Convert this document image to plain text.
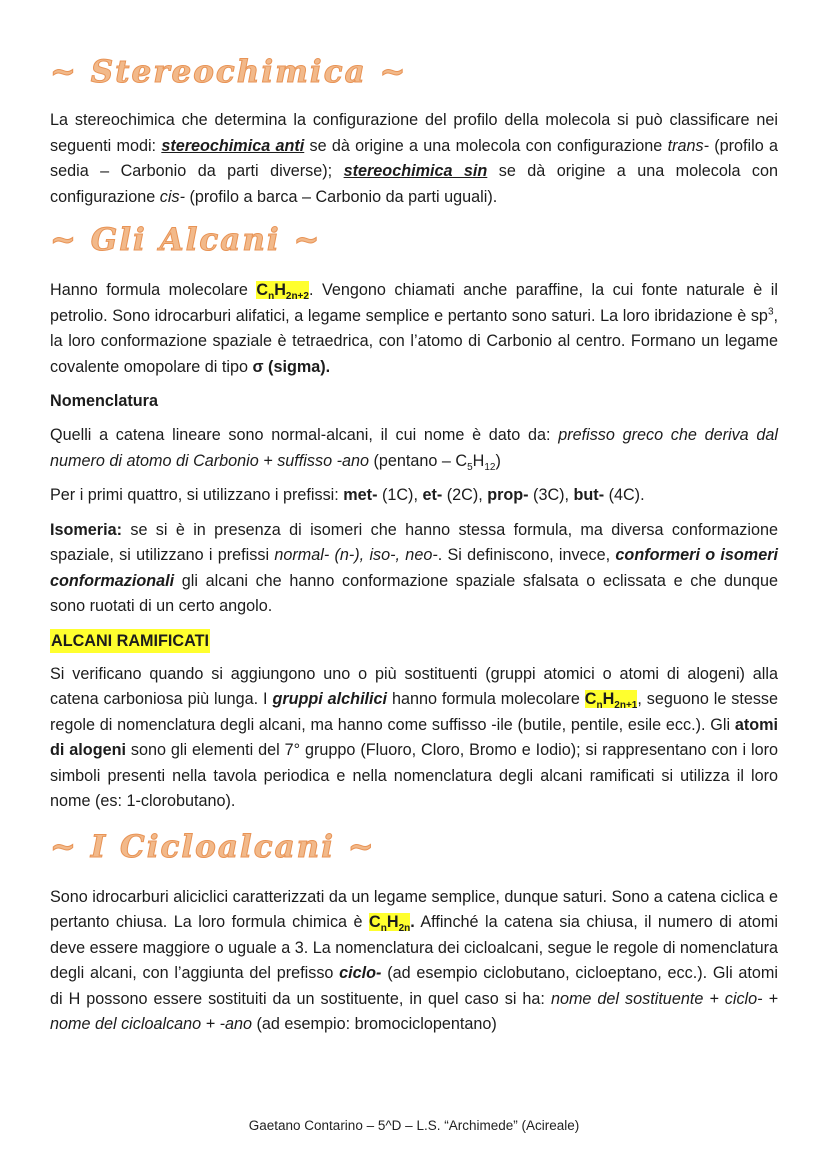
~ Stereochimica ~

La stereochimica che determina la configurazione del profilo della molecola si può classificare nei seguenti modi: stereochimica anti se dà origine a una molecola con configurazione trans- (profilo a sedia – Carbonio da parti diverse); stereochimica sin se dà origine a una molecola con configurazione cis- (profilo a barca – Carbonio da parti uguali).

~ Gli Alcani ~

Hanno formula molecolare $C_nH_{2n+2}$. Vengono chiamati anche paraffine, la cui fonte naturale è il petrolio. Sono idrocarburi alifatici, a legame semplice e pertanto sono saturi. La loro ibridazione è $sp^3$, la loro conformazione spaziale è tetraedrica, con l’atomo di Carbonio al centro. Formano un legame covalente omopolare di tipo σ (sigma).

Nomenclatura

Quelli a catena lineare sono normal-alcani, il cui nome è dato da: prefisso greco che deriva dal numero di atomo di Carbonio + suffisso -ano $(pentano - C_5H_{12})$

Per i primi quattro, si utilizzano i prefissi: met- (1C), et- (2C), prop- (3C), but- (4C).

Isomeria: se si è in presenza di isomeri che hanno stessa formula, ma diversa conformazione spaziale, si utilizzano i prefissi normal- (n-), iso-, neo-. Si definiscono, invece, conformeri o isomeri conformazionali gli alcani che hanno conformazione spaziale sfalsata o eclissata e che dunque sono ruotati di un certo angolo.

ALCANI RAMIFICATI

Si verificano quando si aggiungono uno o più sostituenti (gruppi atomici o atomi di alogeni) alla catena carboniosa più lunga. I gruppi alchilici hanno formula molecolare $C_nH_{2n+1}$, seguono le stesse regole di nomenclatura degli alcani, ma hanno come suffisso -ile (butile, pentile, esile ecc.). Gli atomi di alogeni sono gli elementi del 7° gruppo (Fluoro, Cloro, Bromo e Iodio); si rappresentano con i loro simboli presenti nella tavola periodica e nella nomenclatura degli alcani ramificati si utilizza il loro nome (es: 1-clorobutano).

~ I Cicloalcani ~

Sono idrocarburi aliciclici caratterizzati da un legame semplice, dunque saturi. Sono a catena ciclica e pertanto chiusa. La loro formula chimica è $C_nH_{2n}$. Affinché la catena sia chiusa, il numero di atomi deve essere maggiore o uguale a 3. La nomenclatura dei cicloalcani, segue le regole di nomenclatura degli alcani, con l’aggiunta del prefisso ciclo- (ad esempio ciclobutano, cicloeptano, ecc.). Gli atomi di H possono essere sostituiti da un sostituente, in quel caso si ha: nome del sostituente + ciclo- + nome del cicloalcano + -ano (ad esempio: bromociclopentano)

Gaetano Contarino – 5^D – L.S. “Archimede” (Acireale)
